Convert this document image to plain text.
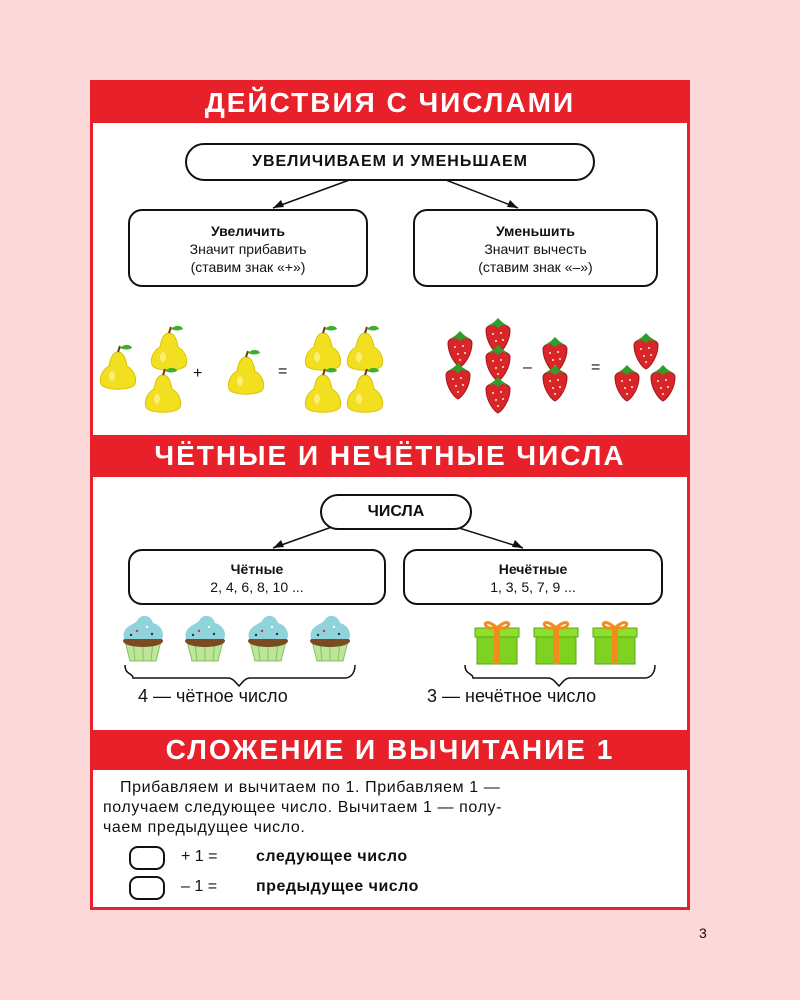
ДЕЙСТВИЯ С ЧИСЛАМИ
УВЕЛИЧИВАЕМ И УМЕНЬШАЕМ
Увеличить
Значит прибавить
(ставим знак «+»)
Уменьшить
Значит вычесть
(ставим знак «–»)
+	=	–	=
ЧЁТНЫЕ И НЕЧЁТНЫЕ ЧИСЛА
ЧИСЛА
Чётные
2, 4, 6, 8, 10 ...
Нечётные
1, 3, 5, 7, 9 ...
4 — чётное число	3 — нечётное число
СЛОЖЕНИЕ И ВЫЧИТАНИЕ 1
Прибавляем и вычитаем по 1. Прибавляем 1 —
получаем следующее число. Вычитаем 1 — полу-
чаем предыдущее число.
+ 1 = следующее число
– 1 = предыдущее число
3
